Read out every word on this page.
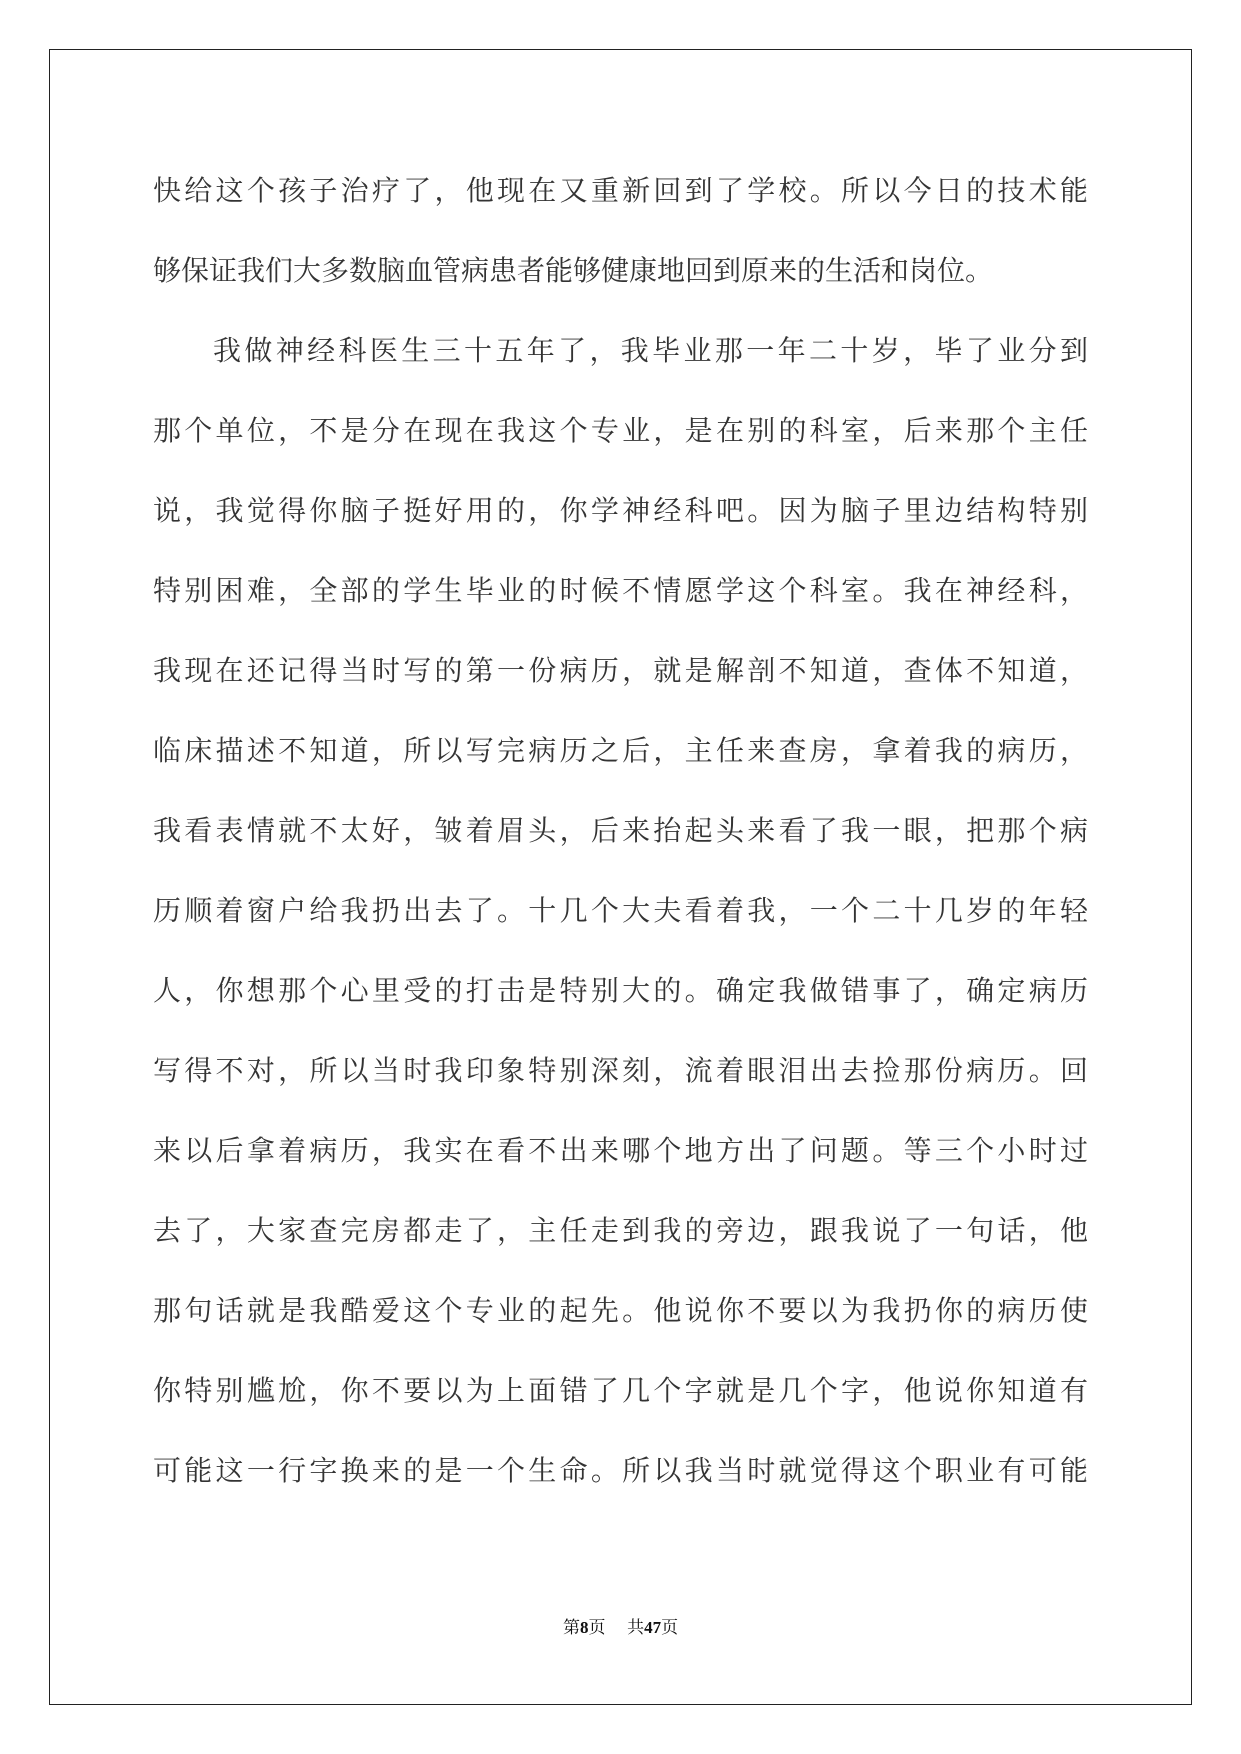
快给这个孩子治疗了，他现在又重新回到了学校。所以今日的技术能
够保证我们大多数脑血管病患者能够健康地回到原来的生活和岗位。
我做神经科医生三十五年了，我毕业那一年二十岁，毕了业分到
那个单位，不是分在现在我这个专业，是在别的科室，后来那个主任
说，我觉得你脑子挺好用的，你学神经科吧。因为脑子里边结构特别
特别困难，全部的学生毕业的时候不情愿学这个科室。我在神经科，
我现在还记得当时写的第一份病历，就是解剖不知道，查体不知道，
临床描述不知道，所以写完病历之后，主任来查房，拿着我的病历，
我看表情就不太好，皱着眉头，后来抬起头来看了我一眼，把那个病
历顺着窗户给我扔出去了。十几个大夫看着我，一个二十几岁的年轻
人，你想那个心里受的打击是特别大的。确定我做错事了，确定病历
写得不对，所以当时我印象特别深刻，流着眼泪出去捡那份病历。回
来以后拿着病历，我实在看不出来哪个地方出了问题。等三个小时过
去了，大家查完房都走了，主任走到我的旁边，跟我说了一句话，他
那句话就是我酷爱这个专业的起先。他说你不要以为我扔你的病历使
你特别尴尬，你不要以为上面错了几个字就是几个字，他说你知道有
可能这一行字换来的是一个生命。所以我当时就觉得这个职业有可能
第8页 共47页
